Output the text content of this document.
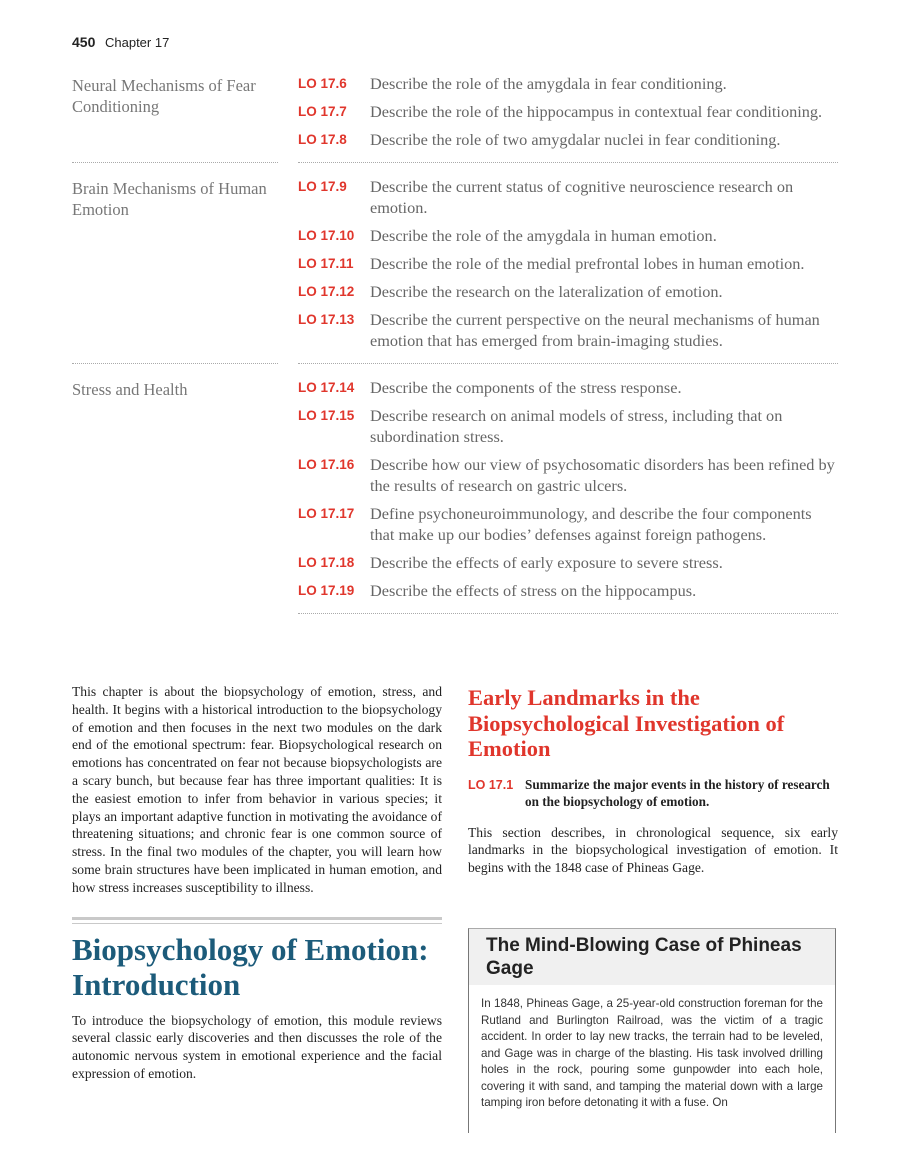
450 Chapter 17
Neural Mechanisms of Fear Conditioning
LO 17.6	Describe the role of the amygdala in fear conditioning.
LO 17.7	Describe the role of the hippocampus in contextual fear conditioning.
LO 17.8	Describe the role of two amygdalar nuclei in fear conditioning.
Brain Mechanisms of Human Emotion
LO 17.9	Describe the current status of cognitive neuroscience research on emotion.
LO 17.10 Describe the role of the amygdala in human emotion.
LO 17.11	Describe the role of the medial prefrontal lobes in human emotion.
LO 17.12 Describe the research on the lateralization of emotion.
LO 17.13 Describe the current perspective on the neural mechanisms of human emotion that has emerged from brain-imaging studies.
Stress and Health	LO 17.14 Describe the components of the stress response.
LO 17.15 Describe research on animal models of stress, including that on subordination stress.
LO 17.16 Describe how our view of psychosomatic disorders has been refined by the results of research on gastric ulcers.
LO 17.17 Define psychoneuroimmunology, and describe the four components that make up our bodies’ defenses against foreign pathogens.
LO 17.18 Describe the effects of early exposure to severe stress.
LO 17.19 Describe the effects of stress on the hippocampus.

This chapter is about the biopsychology of emotion, stress, and health. It begins with a historical introduction to the biopsychology of emotion and then focuses in the next two modules on the dark end of the emotional spectrum: fear. Biopsychological research on emotions has concentrated on fear not because biopsychologists are a scary bunch, but because fear has three important qualities: It is the easiest emotion to infer from behavior in various species; it plays an important adaptive function in motivating the avoidance of threatening situations; and chronic fear is one common source of stress. In the final two modules of the chapter, you will learn how some brain structures have been implicated in human emotion, and how stress increases susceptibility to illness.

Biopsychology of Emotion: Introduction

To introduce the biopsychology of emotion, this module reviews several classic early discoveries and then discusses the role of the autonomic nervous system in emotional experience and the facial expression of emotion.

Early Landmarks in the Biopsychological Investigation of Emotion
LO 17.1 Summarize the major events in the history of research on the biopsychology of emotion.

This section describes, in chronological sequence, six early landmarks in the biopsychological investigation of emotion. It begins with the 1848 case of Phineas Gage.

The Mind-Blowing Case of Phineas Gage

In 1848, Phineas Gage, a 25-year-old construction foreman for the Rutland and Burlington Railroad, was the victim of a tragic accident. In order to lay new tracks, the terrain had to be leveled, and Gage was in charge of the blasting. His task involved drilling holes in the rock, pouring some gunpowder into each hole, covering it with sand, and tamping the material down with a large tamping iron before detonating it with a fuse. On
